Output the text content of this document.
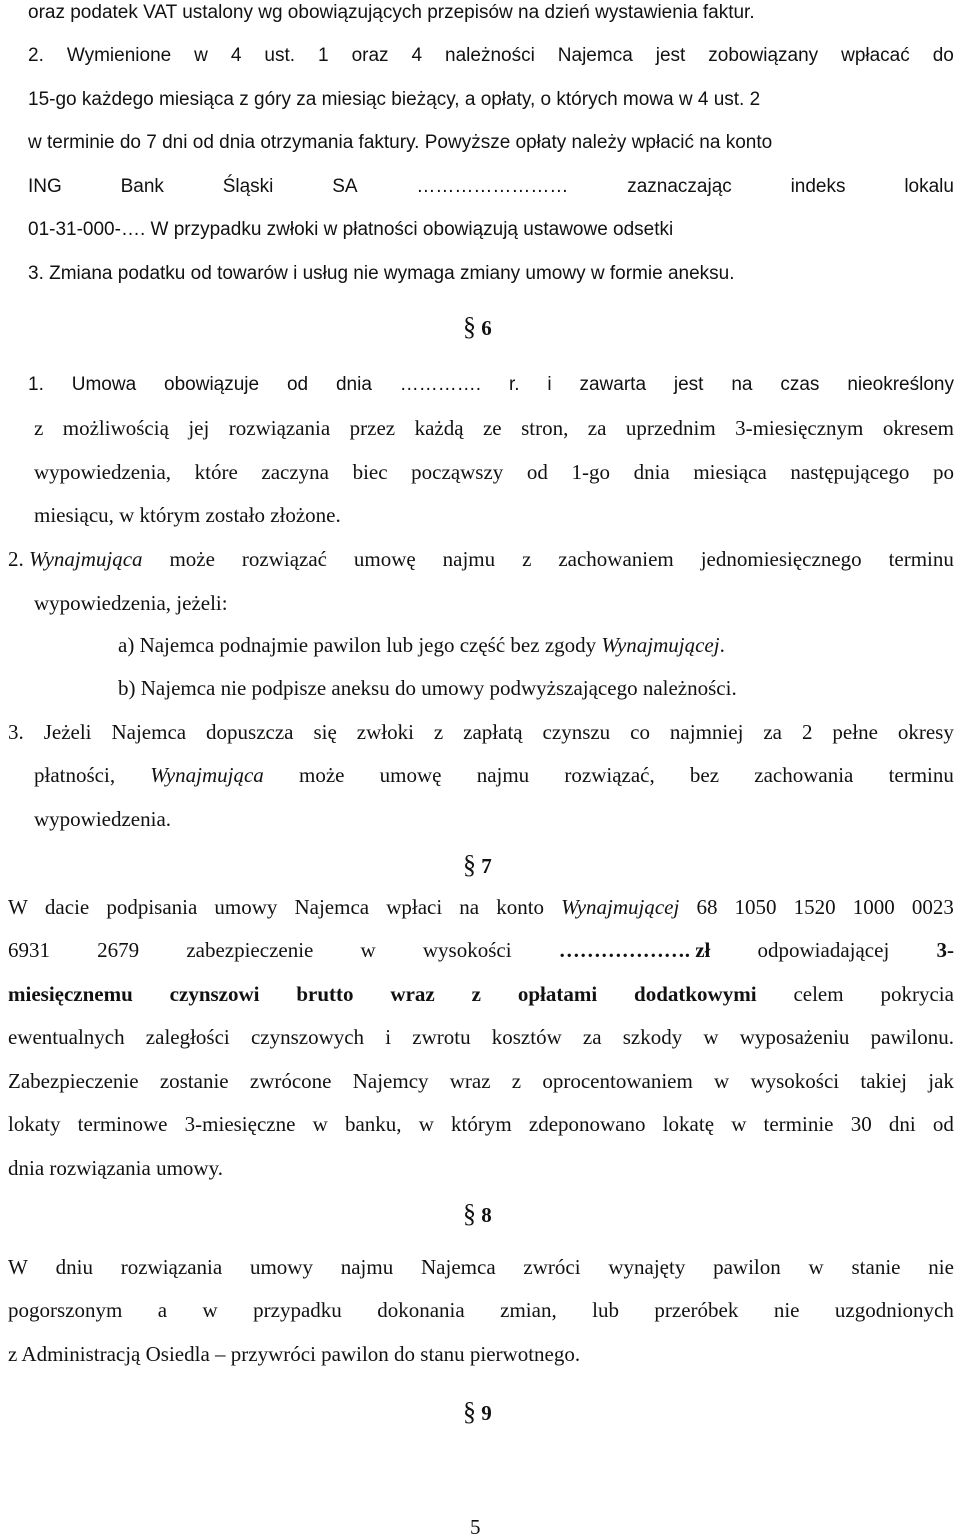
oraz podatek VAT ustalony wg obowiązujących przepisów na dzień wystawienia faktur.

2. Wymienione w 4 ust. 1 oraz 4 należności Najemca jest zobowiązany wpłacać do

15-go każdego miesiąca z góry za miesiąc bieżący, a opłaty, o których mowa w 4 ust. 2

w terminie do 7 dni od dnia otrzymania faktury. Powyższe opłaty należy wpłacić na konto

ING	Bank	Śląski	SA	……………………	zaznaczając	indeks	lokalu

01-31-000-…. W przypadku zwłoki w płatności obowiązują ustawowe odsetki

3. Zmiana podatku od towarów i usług nie wymaga zmiany umowy w formie aneksu.

§ 6

1. Umowa obowiązuje od dnia …………. r. i zawarta jest na czas nieokreślony

z możliwością jej rozwiązania przez każdą ze stron, za uprzednim 3-miesięcznym okresem

wypowiedzenia, które zaczyna biec począwszy od 1-go dnia miesiąca następującego po

miesiącu, w którym zostało złożone.

2. Wynajmująca może rozwiązać umowę najmu z zachowaniem jednomiesięcznego terminu

wypowiedzenia, jeżeli:

a) Najemca podnajmie pawilon lub jego część bez zgody Wynajmującej.

b) Najemca nie podpisze aneksu do umowy podwyższającego należności.

3. Jeżeli Najemca dopuszcza się zwłoki z zapłatą czynszu co najmniej za 2 pełne okresy

płatności, Wynajmująca może umowę najmu rozwiązać, bez zachowania terminu

wypowiedzenia.

§ 7

W dacie podpisania umowy Najemca wpłaci na konto Wynajmującej 68 1050 1520 1000 0023

6931 2679 zabezpieczenie w wysokości ………………. zł odpowiadającej 3-

miesięcznemu czynszowi brutto wraz z opłatami dodatkowymi celem pokrycia

ewentualnych zaległości czynszowych i zwrotu kosztów za szkody w wyposażeniu pawilonu.

Zabezpieczenie zostanie zwrócone Najemcy wraz z oprocentowaniem w wysokości takiej jak

lokaty terminowe 3-miesięczne w banku, w którym zdeponowano lokatę w terminie 30 dni od

dnia rozwiązania umowy.

§ 8

W dniu rozwiązania umowy najmu Najemca zwróci wynajęty pawilon w stanie nie

pogorszonym a w przypadku dokonania zmian, lub przeróbek nie uzgodnionych

z Administracją Osiedla – przywróci pawilon do stanu pierwotnego.

§ 9
5
